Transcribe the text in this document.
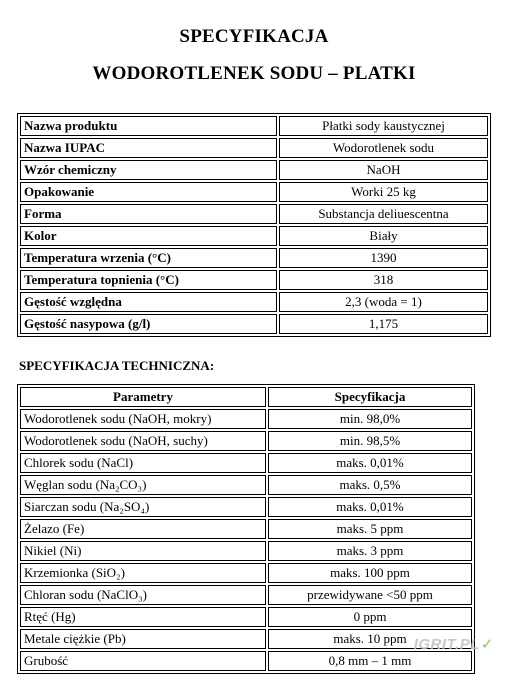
SPECYFIKACJA
WODOROTLENEK SODU – PLATKI
Nazwa produktu	Płatki sody kaustycznej
Nazwa IUPAC	Wodorotlenek sodu
Wzór chemiczny	NaOH
Opakowanie	Worki 25 kg
Forma	Substancja deliuescentna
Kolor	Biały
Temperatura wrzenia (°C)	1390
Temperatura topnienia (°C)	318
Gęstość względna	2,3 (woda = 1)
Gęstość nasypowa (g/l)	1,175
SPECYFIKACJA TECHNICZNA:
Parametry	Specyfikacja
Wodorotlenek sodu (NaOH, mokry)	min. 98,0%
Wodorotlenek sodu (NaOH, suchy)	min. 98,5%
Chlorek sodu (NaCl)	maks. 0,01%
Węglan sodu (Na₂CO₃)	maks. 0,5%
Siarczan sodu (Na₂SO₄)	maks. 0,01%
Żelazo (Fe)	maks. 5 ppm
Nikiel (Ni)	maks. 3 ppm
Krzemionka (SiO₂)	maks. 100 ppm
Chloran sodu (NaClO₃)	przewidywane <50 ppm
Rtęć (Hg)	0 ppm
Metale ciężkie (Pb)	maks. 10 ppm
Grubość	0,8 mm – 1 mm
IGRIT.PL✓
